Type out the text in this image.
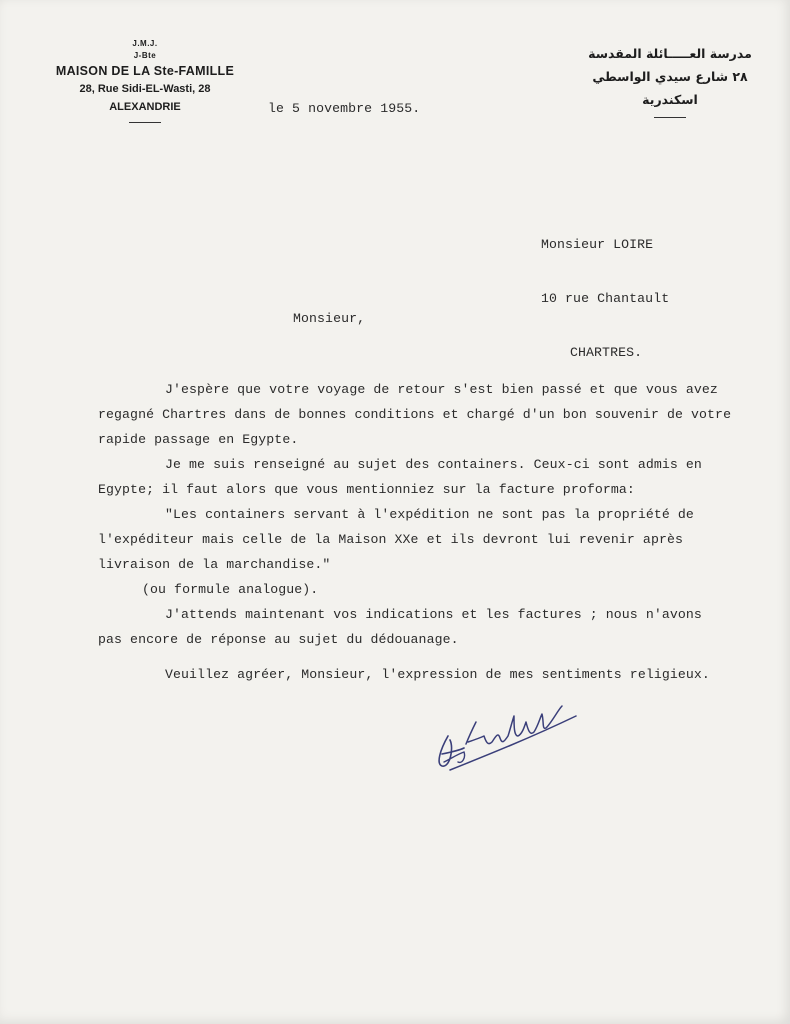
J.M.J.
J-Bte
MAISON DE LA Ste-FAMILLE
28, Rue Sidi-EL-Wasti, 28
ALEXANDRIE
مدرسة العـــــائلة المقدسة
٢٨ شارع سيدي الواسطي
اسكندرية
le 5 novembre 1955.

Monsieur LOIRE

10 rue Chantault

CHARTRES.

Monsieur,
J'espère que votre voyage de retour s'est bien passé et que vous avez
regagné Chartres dans de bonnes conditions et chargé d'un bon souvenir de votre
rapide passage en Egypte.
Je me suis renseigné au sujet des containers. Ceux-ci sont admis en
Egypte; il faut alors que vous mentionniez sur la facture proforma:
"Les containers servant à l'expédition ne sont pas la propriété de
l'expéditeur mais celle de la Maison XXe et ils devront lui revenir après
livraison de la marchandise."
(ou formule analogue).
J'attends maintenant vos indications et les factures ; nous n'avons
pas encore de réponse au sujet du dédouanage.
Veuillez agréer, Monsieur, l'expression de mes sentiments religieux.
